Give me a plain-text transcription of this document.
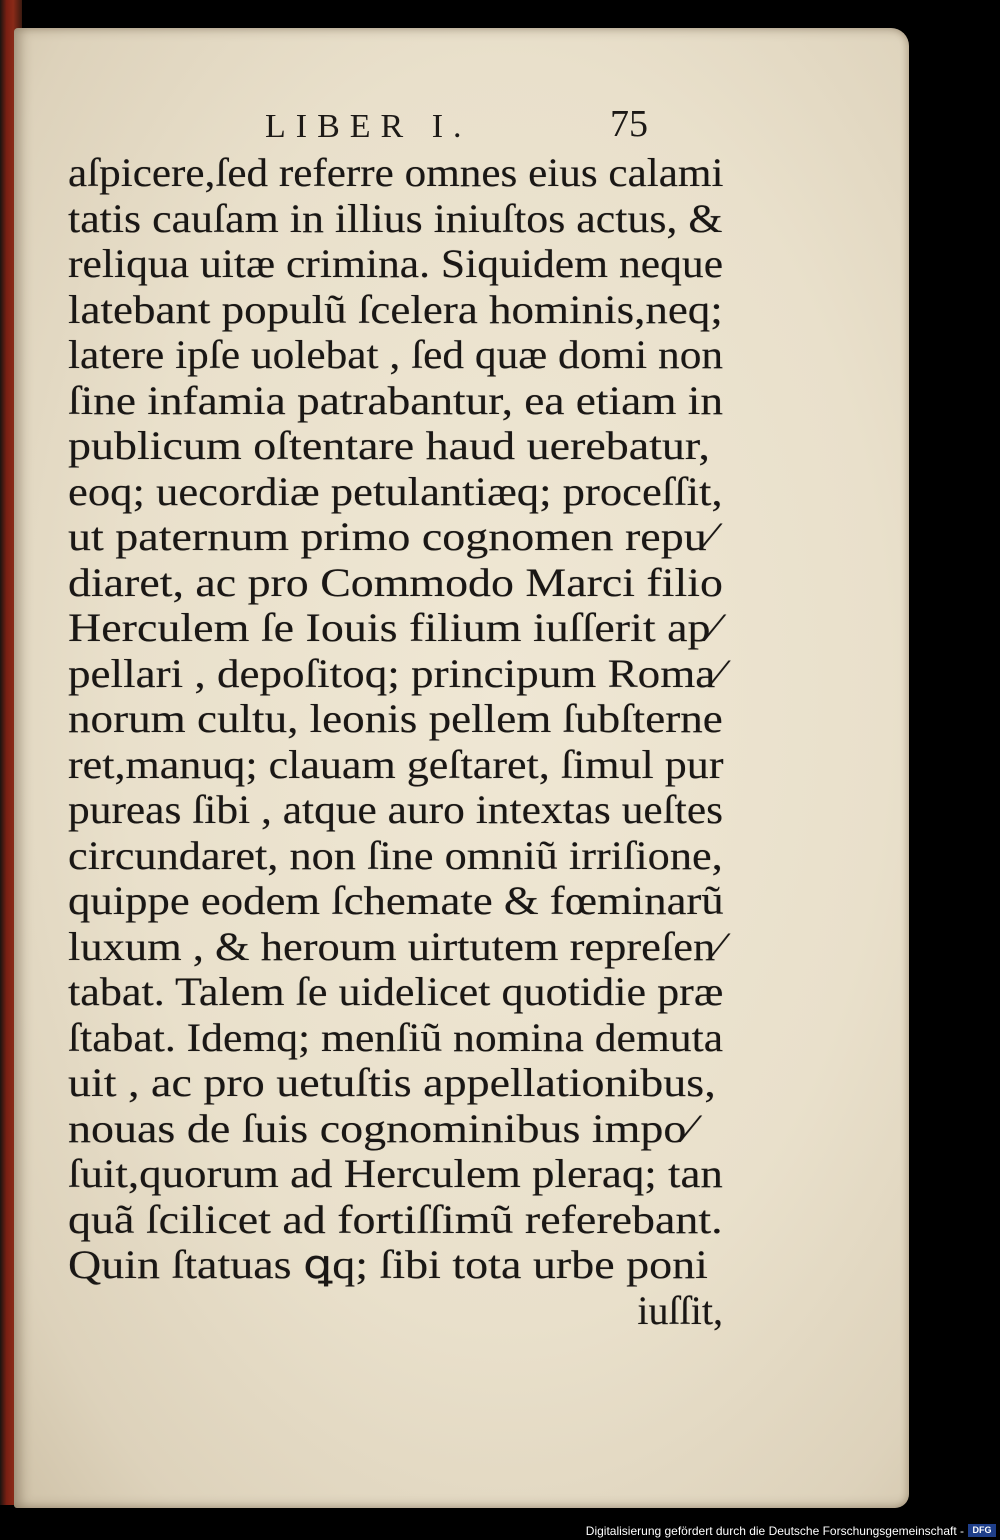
LIBER I.	75
aſpicere,ſed referre omnes eius calami
tatis cauſam in illius iniuſtos actus, &
reliqua uitæ crimina. Siquidem neque
latebant populũ ſcelera hominis,neq;
latere ipſe uolebat , ſed quæ domi non
ſine infamia patrabantur, ea etiam in
publicum oſtentare haud uerebatur,
eoq; uecordiæ petulantiæq; proceſſit,
ut paternum primo cognomen repu⁄
diaret, ac pro Commodo Marci filio
Herculem ſe Iouis filium iuſſerit ap⁄
pellari , depoſitoq; principum Roma⁄
norum cultu, leonis pellem ſubſterne
ret,manuq; clauam geſtaret, ſimul pur
pureas ſibi , atque auro intextas ueſtes
circundaret, non ſine omniũ irriſione,
quippe eodem ſchemate & fœminarũ
luxum , & heroum uirtutem repreſen⁄
tabat. Talem ſe uidelicet quotidie præ
ſtabat. Idemq; menſiũ nomina demuta
uit , ac pro uetuſtis appellationibus,
nouas de ſuis cognominibus impo⁄
ſuit,quorum ad Herculem pleraq; tan
quã ſcilicet ad fortiſſimũ referebant.
Quin ſtatuas ꝗq; ſibi tota urbe poni
iuſſit,
Digitalisierung gefördert durch die Deutsche Forschungsgemeinschaft - DFG
